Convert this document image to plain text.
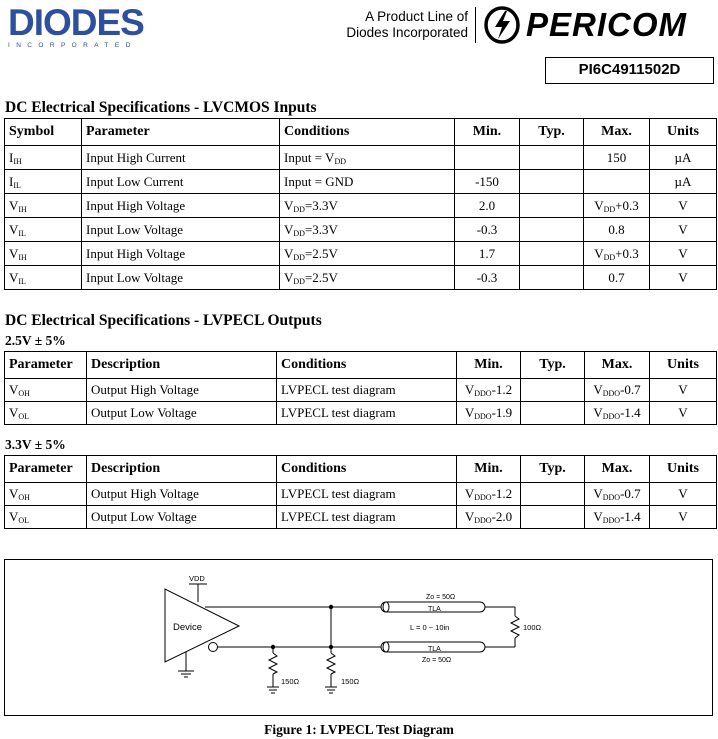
DIODES
INCORPORATED
A Product Line of
Diodes Incorporated PERICOM
PI6C4911502D
DC Electrical Specifications - LVCMOS Inputs
Symbol	Parameter	Conditions	Min.	Typ.	Max.	Units
$I_{IH}$	Input High Current	Input = $V_{DD}$			150	µA
$I_{IL}$	Input Low Current	Input = GND	-150			µA
$V_{IH}$	Input High Voltage	$V_{DD}=3.3V$	2.0		$V_{DD}+0.3$	V
$V_{IL}$	Input Low Voltage	$V_{DD}=3.3V$	-0.3		0.8	V
$V_{IH}$	Input High Voltage	$V_{DD}=2.5V$	1.7		$V_{DD}+0.3$	V
$V_{IL}$	Input Low Voltage	$V_{DD}=2.5V$	-0.3		0.7	V
DC Electrical Specifications - LVPECL Outputs
2.5V ± 5%
Parameter	Description	Conditions	Min.	Typ.	Max.	Units
$V_{OH}$	Output High Voltage	LVPECL test diagram	$V_{DDO}-1.2$		$V_{DDO}-0.7$	V
$V_{OL}$	Output Low Voltage	LVPECL test diagram	$V_{DDO}-1.9$		$V_{DDO}-1.4$	V
3.3V ± 5%
Parameter	Description	Conditions	Min.	Typ.	Max.	Units
$V_{OH}$	Output High Voltage	LVPECL test diagram	$V_{DDO}-1.2$		$V_{DDO}-0.7$	V
$V_{OL}$	Output Low Voltage	LVPECL test diagram	$V_{DDO}-2.0$		$V_{DDO}-1.4$	V
VDD
Device
150Ω	150Ω
Zo = 50Ω
TLA
L = 0 ~ 10in
TLA
Zo = 50Ω
100Ω
Figure 1: LVPECL Test Diagram
